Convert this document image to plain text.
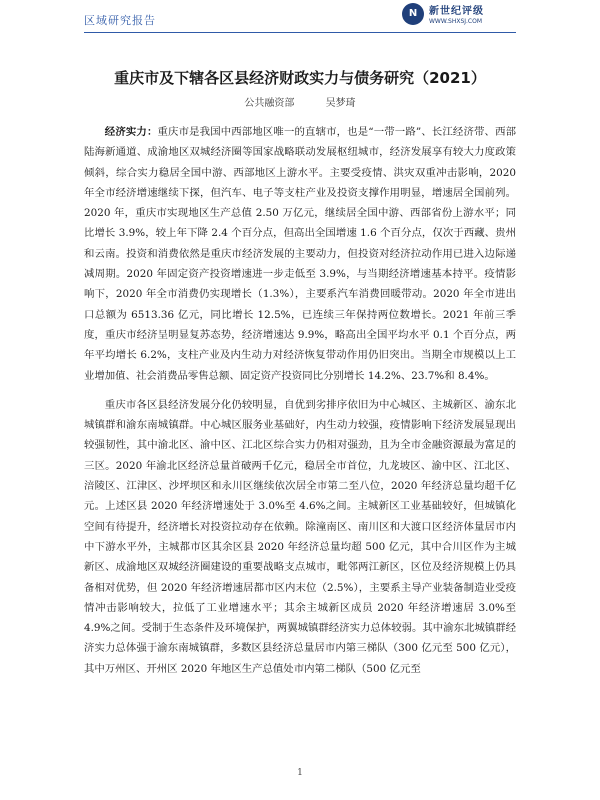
区域研究报告
N	新世纪评级
WWW.SHXSJ.COM
重庆市及下辖各区县经济财政实力与债务研究（2021）
公共融资部	吴梦琦

经济实力：重庆市是我国中西部地区唯一的直辖市，也是“一带一路”、长江经济带、西部陆海新通道、成渝地区双城经济圈等国家战略联动发展枢纽城市，经济发展享有较大力度政策倾斜，综合实力稳居全国中游、西部地区上游水平。主要受疫情、洪灾双重冲击影响，2020 年全市经济增速继续下探，但汽车、电子等支柱产业及投资支撑作用明显，增速居全国前列。2020 年，重庆市实现地区生产总值 2.50 万亿元，继续居全国中游、西部省份上游水平；同比增长 3.9%，较上年下降 2.4 个百分点，但高出全国增速 1.6 个百分点，仅次于西藏、贵州和云南。投资和消费依然是重庆市经济发展的主要动力，但投资对经济拉动作用已进入边际递减周期。2020 年固定资产投资增速进一步走低至 3.9%，与当期经济增速基本持平。疫情影响下，2020 年全市消费仍实现增长（1.3%），主要系汽车消费回暖带动。2020 年全市进出口总额为 6513.36 亿元，同比增长 12.5%，已连续三年保持两位数增长。2021 年前三季度，重庆市经济呈明显复苏态势，经济增速达 9.9%，略高出全国平均水平 0.1 个百分点，两年平均增长 6.2%，支柱产业及内生动力对经济恢复带动作用仍旧突出。当期全市规模以上工业增加值、社会消费品零售总额、固定资产投资同比分别增长 14.2%、23.7%和 8.4%。

重庆市各区县经济发展分化仍较明显，自优到劣排序依旧为中心城区、主城新区、渝东北城镇群和渝东南城镇群。中心城区服务业基础好，内生动力较强，疫情影响下经济发展显现出较强韧性，其中渝北区、渝中区、江北区综合实力仍相对强劲，且为全市金融资源最为富足的三区。2020 年渝北区经济总量首破两千亿元，稳居全市首位，九龙坡区、渝中区、江北区、涪陵区、江津区、沙坪坝区和永川区继续依次居全市第二至八位，2020 年经济总量均超千亿元。上述区县 2020 年经济增速处于 3.0%至 4.6%之间。主城新区工业基础较好，但城镇化空间有待提升，经济增长对投资拉动存在依赖。除潼南区、南川区和大渡口区经济体量居市内中下游水平外，主城都市区其余区县 2020 年经济总量均超 500 亿元，其中合川区作为主城新区、成渝地区双城经济圈建设的重要战略支点城市，毗邻两江新区，区位及经济规模上仍具备相对优势，但 2020 年经济增速居都市区内末位（2.5%），主要系主导产业装备制造业受疫情冲击影响较大，拉低了工业增速水平；其余主城新区成员 2020 年经济增速居 3.0%至 4.9%之间。受制于生态条件及环境保护，两翼城镇群经济实力总体较弱。其中渝东北城镇群经济实力总体强于渝东南城镇群，多数区县经济总量居市内第三梯队（300 亿元至 500 亿元），其中万州区、开州区 2020 年地区生产总值处市内第二梯队（500 亿元至

1
